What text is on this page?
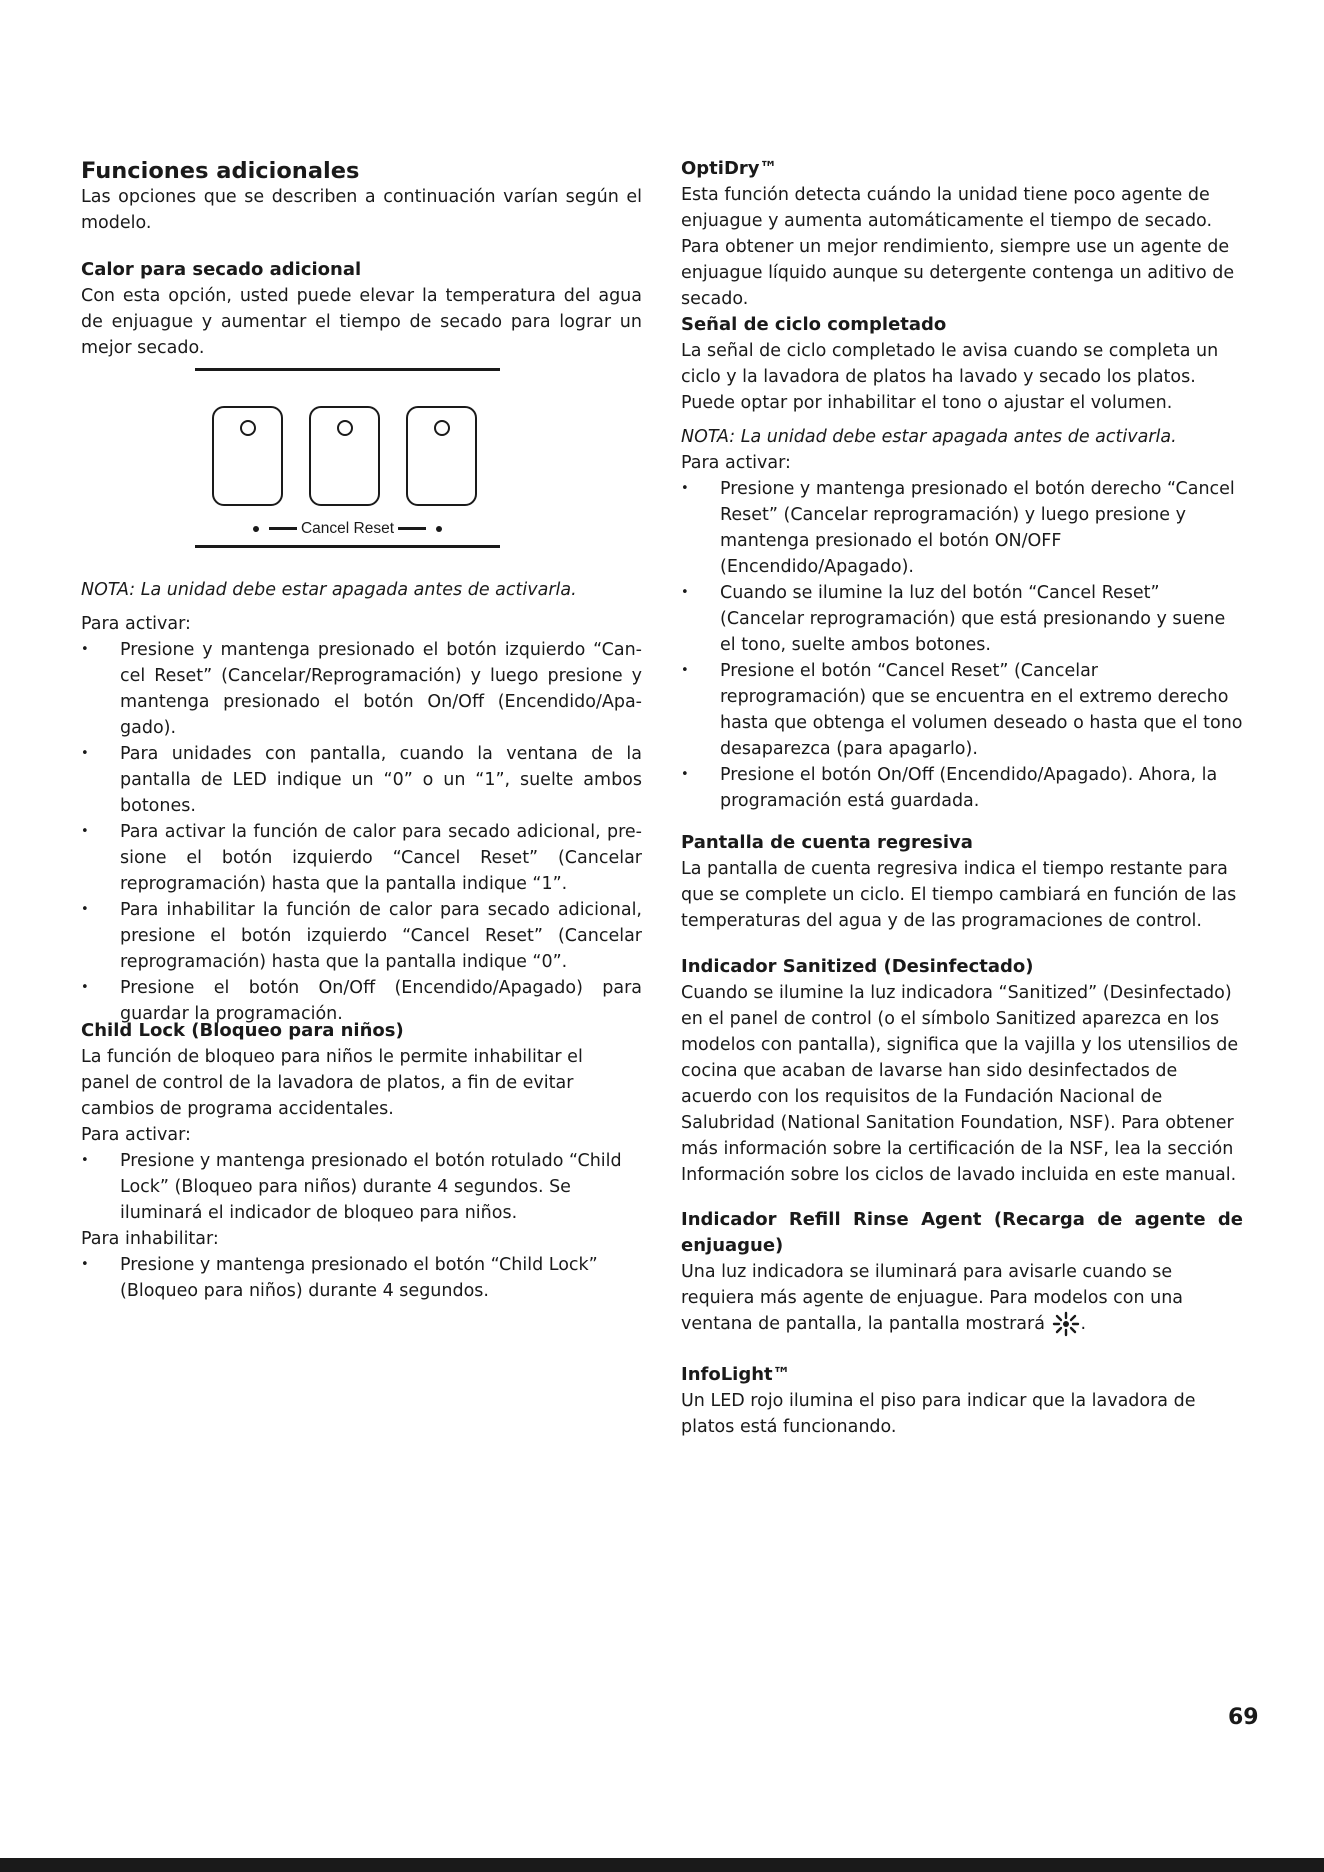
Funciones adicionales

Las opciones que se describen a continuación varían según el modelo.

Calor para secado adicional

Con esta opción, usted puede elevar la temperatura del agua de enjuague y aumentar el tiempo de secado para lograr un mejor secado.

NOTA: La unidad debe estar apagada antes de activarla.

Para activar:

• Presione y mantenga presionado el botón izquierdo “Cancel Reset” (Cancelar/Reprogramación) y luego presione y mantenga presionado el botón On/Off (Encendido/Apagado).
• Para unidades con pantalla, cuando la ventana de la pantalla de LED indique un “0” o un “1”, suelte ambos botones.
• Para activar la función de calor para secado adicional, presione el botón izquierdo “Cancel Reset” (Cancelar reprogramación) hasta que la pantalla indique “1”.
• Para inhabilitar la función de calor para secado adicional, presione el botón izquierdo “Cancel Reset” (Cancelar reprogramación) hasta que la pantalla indique “0”.
• Presione el botón On/Off (Encendido/Apagado) para guardar la programación.
Child Lock (Bloqueo para niños)

La función de bloqueo para niños le permite inhabilitar el panel de control de la lavadora de platos, a fin de evitar cambios de programa accidentales.

Para activar:

• Presione y mantenga presionado el botón rotulado “Child Lock” (Bloqueo para niños) durante 4 segundos. Se iluminará el indicador de bloqueo para niños.

Para inhabilitar:

• Presione y mantenga presionado el botón “Child Lock” (Bloqueo para niños) durante 4 segundos.
Cancel Reset
OptiDry™

Esta función detecta cuándo la unidad tiene poco agente de enjuague y aumenta automáticamente el tiempo de secado. Para obtener un mejor rendimiento, siempre use un agente de enjuague líquido aunque su detergente contenga un aditivo de secado.

Señal de ciclo completado

La señal de ciclo completado le avisa cuando se completa un ciclo y la lavadora de platos ha lavado y secado los platos. Puede optar por inhabilitar el tono o ajustar el volumen.

NOTA: La unidad debe estar apagada antes de activarla.

Para activar:

• Presione y mantenga presionado el botón derecho “Cancel Reset” (Cancelar reprogramación) y luego presione y mantenga presionado el botón ON/OFF (Encendido/Apagado).
• Cuando se ilumine la luz del botón “Cancel Reset” (Cancelar reprogramación) que está presionando y suene el tono, suelte ambos botones.
• Presione el botón “Cancel Reset” (Cancelar reprogramación) que se encuentra en el extremo derecho hasta que obtenga el volumen deseado o hasta que el tono desaparezca (para apagarlo).
• Presione el botón On/Off (Encendido/Apagado). Ahora, la programación está guardada.
Pantalla de cuenta regresiva

La pantalla de cuenta regresiva indica el tiempo restante para que se complete un ciclo. El tiempo cambiará en función de las temperaturas del agua y de las programaciones de control.

Indicador Sanitized (Desinfectado)

Cuando se ilumine la luz indicadora “Sanitized” (Desinfectado) en el panel de control (o el símbolo Sanitized aparezca en los modelos con pantalla), significa que la vajilla y los utensilios de cocina que acaban de lavarse han sido desinfectados de acuerdo con los requisitos de la Fundación Nacional de Salubridad (National Sanitation Foundation, NSF). Para obtener más información sobre la certificación de la NSF, lea la sección Información sobre los ciclos de lavado incluida en este manual.

Indicador Refill Rinse Agent (Recarga de agente de enjuague)

Una luz indicadora se iluminará para avisarle cuando se requiera más agente de enjuague. Para modelos con una ventana de pantalla, la pantalla mostrará .

InfoLight™

Un LED rojo ilumina el piso para indicar que la lavadora de platos está funcionando.

69
